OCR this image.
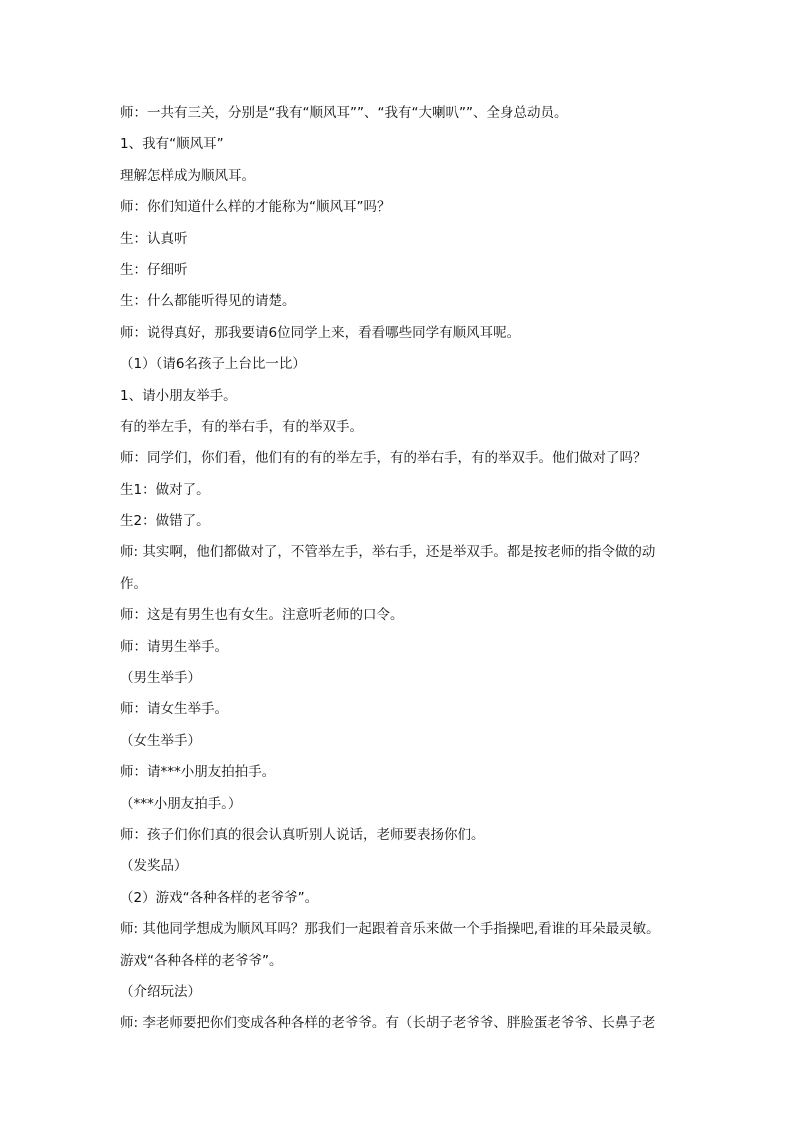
师：一共有三关，分别是“我有“顺风耳””、“我有“大喇叭””、全身总动员。
1、我有“顺风耳”
理解怎样成为顺风耳。
师：你们知道什么样的才能称为“顺风耳”吗？
生：认真听
生：仔细听
生：什么都能听得见的请楚。
师：说得真好，那我要请6位同学上来，看看哪些同学有顺风耳呢。
（1）（请6名孩子上台比一比）
1、请小朋友举手。
有的举左手，有的举右手，有的举双手。
师：同学们，你们看，他们有的有的举左手，有的举右手，有的举双手。他们做对了吗？
生1：做对了。
生2：做错了。
师: 其实啊，他们都做对了，不管举左手，举右手，还是举双手。都是按老师的指令做的动
作。
师：这是有男生也有女生。注意听老师的口令。
师：请男生举手。
（男生举手）
师：请女生举手。
（女生举手）
师：请***小朋友拍拍手。
（***小朋友拍手。）
师：孩子们你们真的很会认真听别人说话，老师要表扬你们。
（发奖品）
（2）游戏“各种各样的老爷爷”。
师: 其他同学想成为顺风耳吗？那我们一起跟着音乐来做一个手指操吧,看谁的耳朵最灵敏。
游戏“各种各样的老爷爷”。
（介绍玩法）
师: 李老师要把你们变成各种各样的老爷爷。有（长胡子老爷爷、胖脸蛋老爷爷、长鼻子老
